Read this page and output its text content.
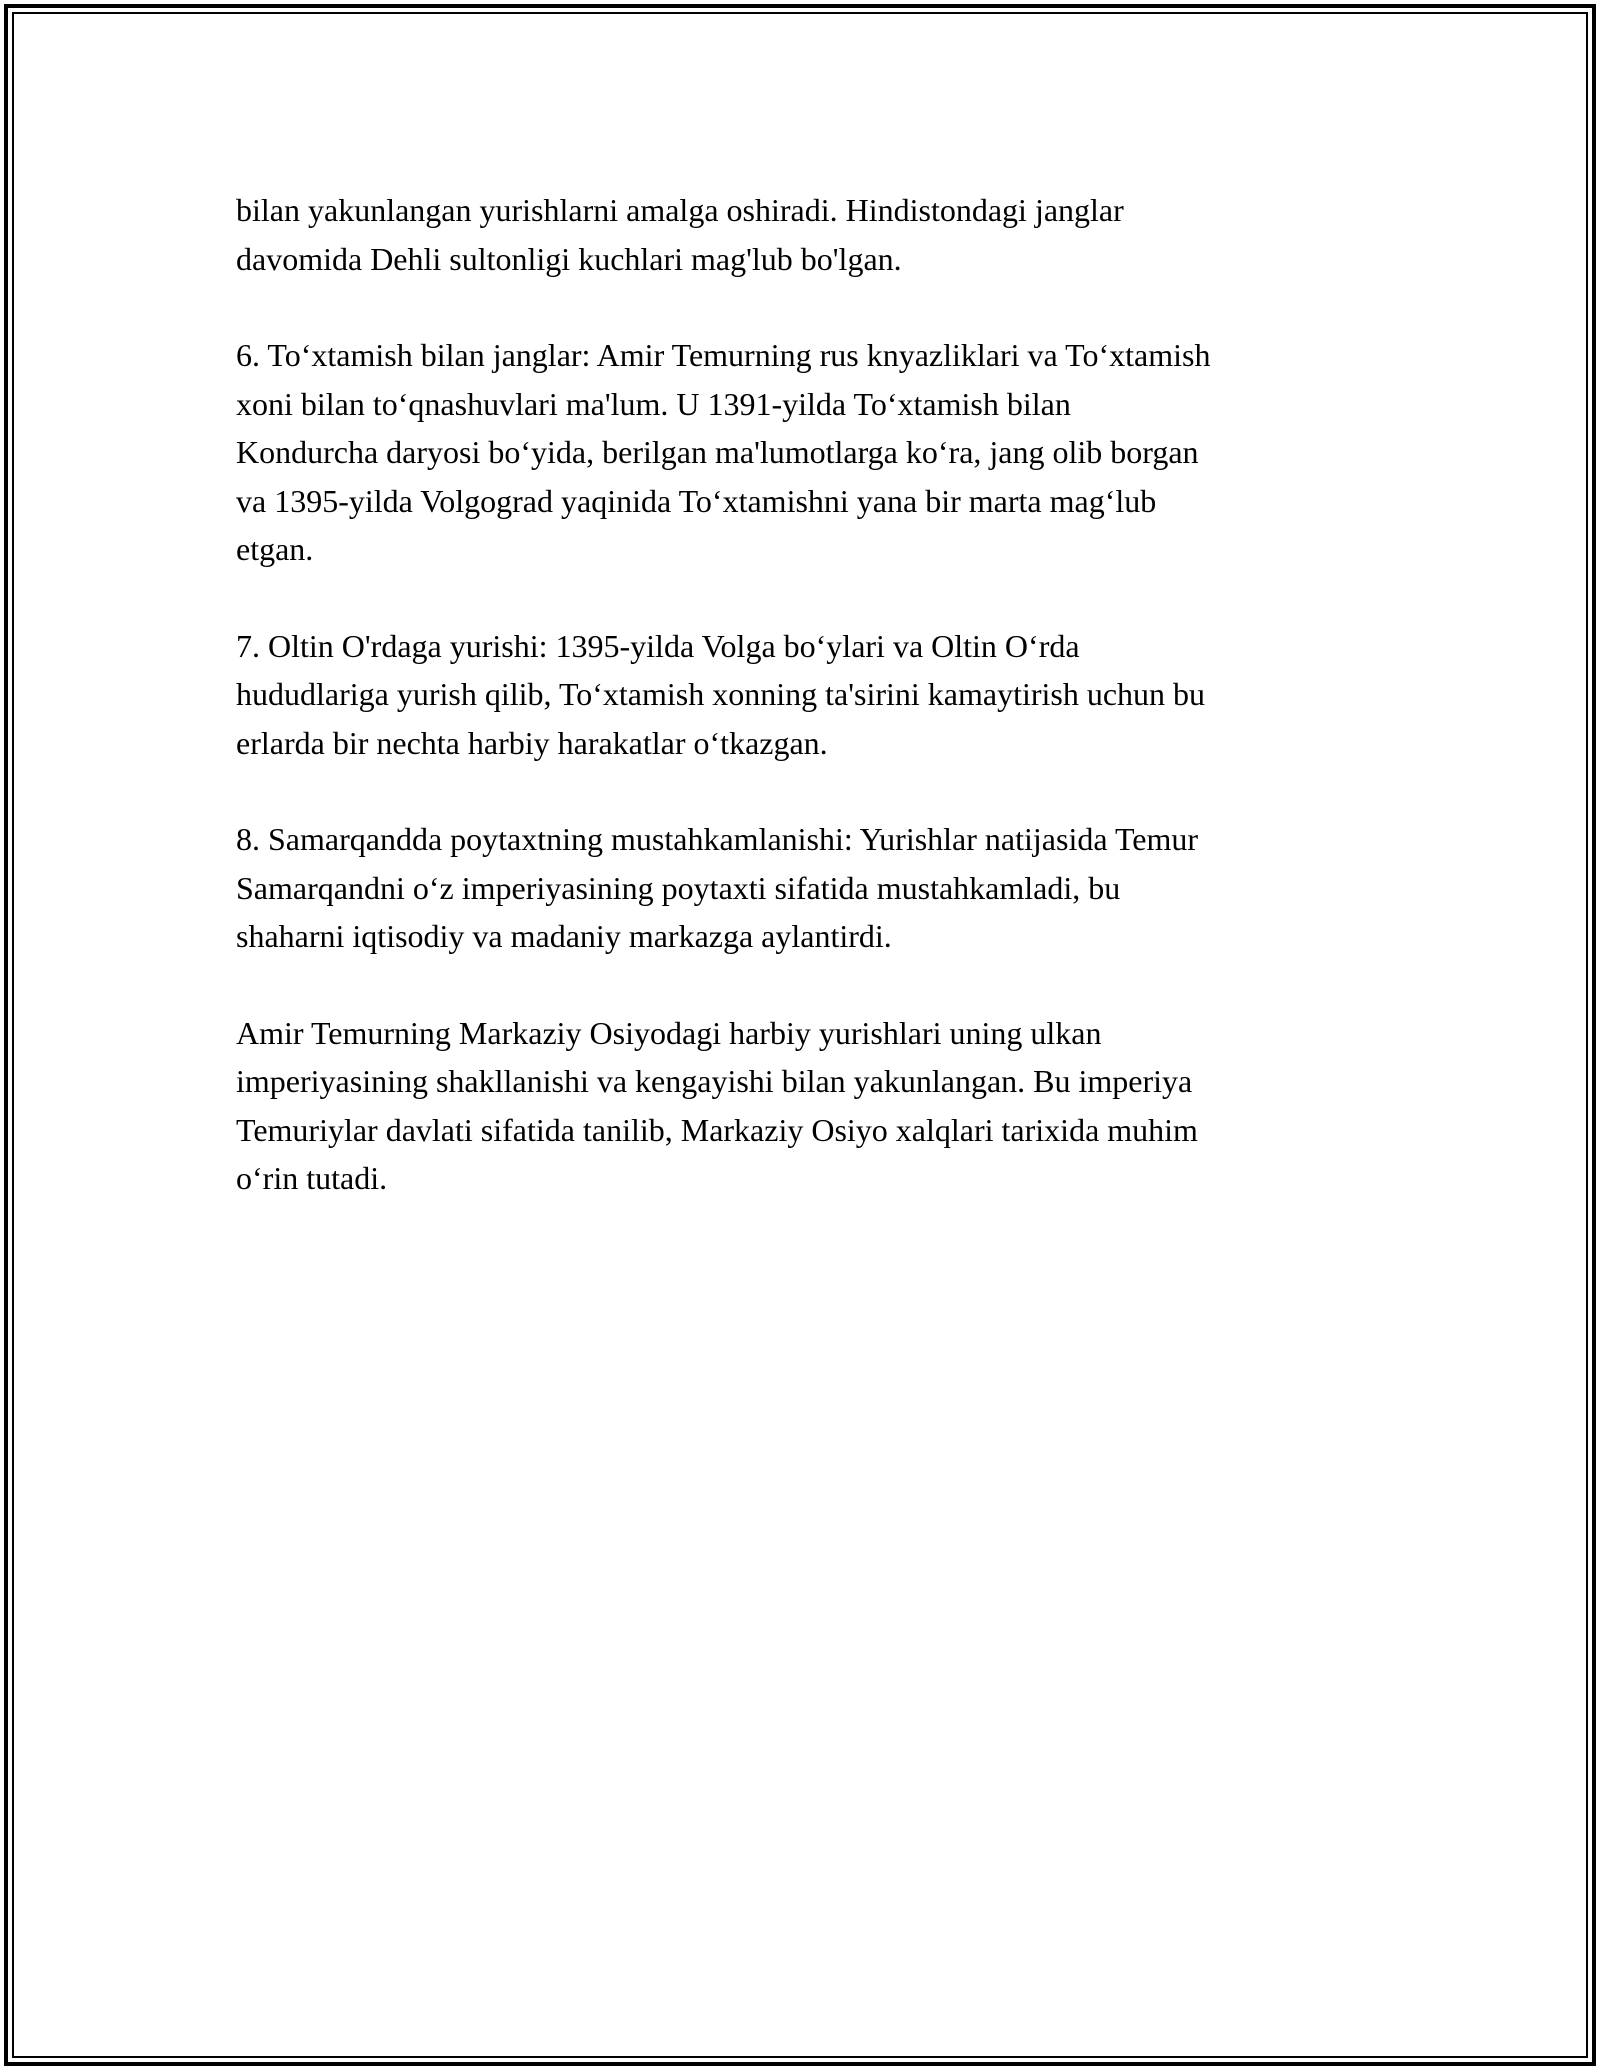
bilan yakunlangan yurishlarni amalga oshiradi. Hindistondagi janglar
davomida Dehli sultonligi kuchlari mag'lub bo'lgan.

6. To‘xtamish bilan janglar: Amir Temurning rus knyazliklari va To‘xtamish
xoni bilan to‘qnashuvlari ma'lum. U 1391-yilda To‘xtamish bilan
Kondurcha daryosi bo‘yida, berilgan ma'lumotlarga ko‘ra, jang olib borgan
va 1395-yilda Volgograd yaqinida To‘xtamishni yana bir marta mag‘lub
etgan.

7. Oltin O'rdaga yurishi: 1395-yilda Volga bo‘ylari va Oltin O‘rda
hududlariga yurish qilib, To‘xtamish xonning ta'sirini kamaytirish uchun bu
erlarda bir nechta harbiy harakatlar o‘tkazgan.

8. Samarqandda poytaxtning mustahkamlanishi: Yurishlar natijasida Temur
Samarqandni o‘z imperiyasining poytaxti sifatida mustahkamladi, bu
shaharni iqtisodiy va madaniy markazga aylantirdi.

Amir Temurning Markaziy Osiyodagi harbiy yurishlari uning ulkan
imperiyasining shakllanishi va kengayishi bilan yakunlangan. Bu imperiya
Temuriylar davlati sifatida tanilib, Markaziy Osiyo xalqlari tarixida muhim
o‘rin tutadi.
